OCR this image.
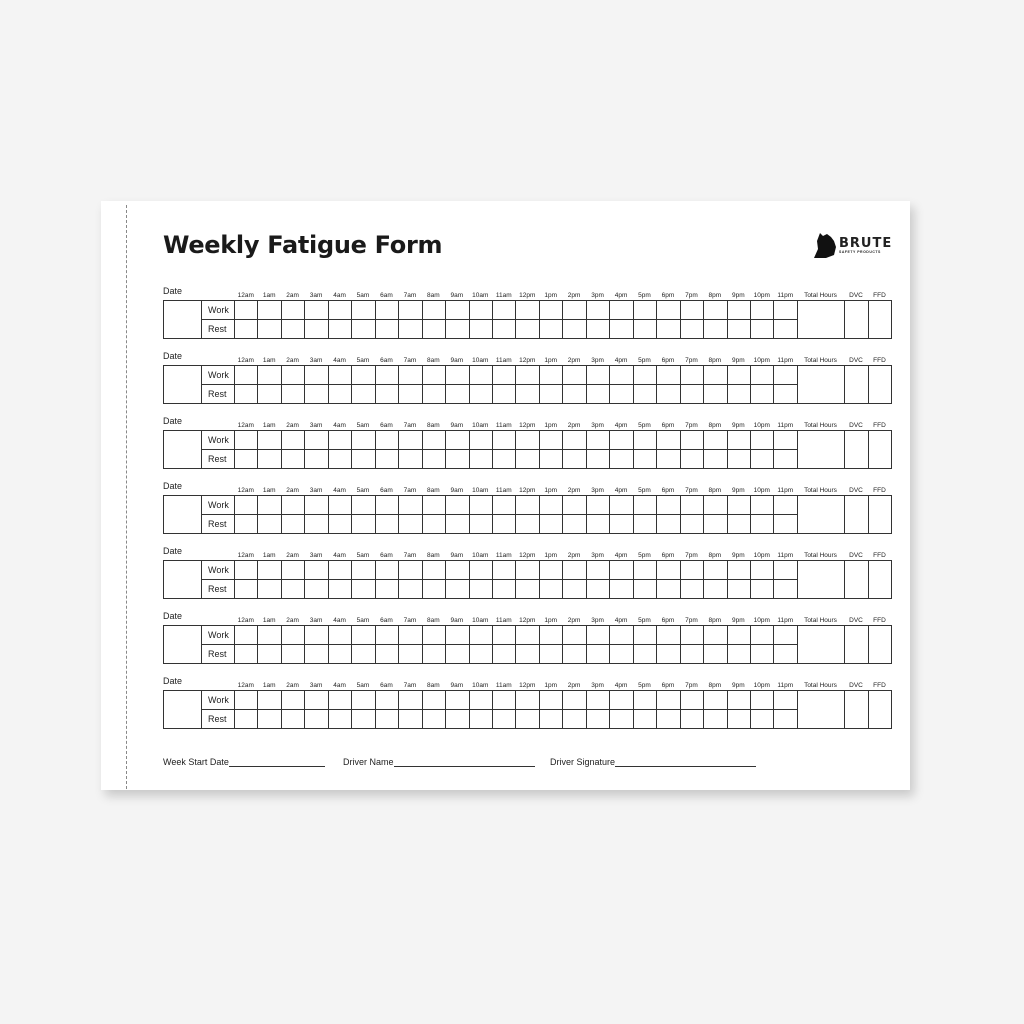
Weekly Fatigue Form	BRUTE
SAFETY PRODUCTS
Date	12am	1am	2am	3am	4am	5am	6am	7am	8am	9am	10am	11am	12pm	1pm	2pm	3pm	4pm	5pm	6pm	7pm	8pm	9pm	10pm	11pm	Total Hours	DVC	FFD
	Work																											
	Rest																											
Date	12am	1am	2am	3am	4am	5am	6am	7am	8am	9am	10am	11am	12pm	1pm	2pm	3pm	4pm	5pm	6pm	7pm	8pm	9pm	10pm	11pm	Total Hours	DVC	FFD
	Work																											
	Rest																											
Date	12am	1am	2am	3am	4am	5am	6am	7am	8am	9am	10am	11am	12pm	1pm	2pm	3pm	4pm	5pm	6pm	7pm	8pm	9pm	10pm	11pm	Total Hours	DVC	FFD
	Work																											
	Rest																											
Date	12am	1am	2am	3am	4am	5am	6am	7am	8am	9am	10am	11am	12pm	1pm	2pm	3pm	4pm	5pm	6pm	7pm	8pm	9pm	10pm	11pm	Total Hours	DVC	FFD
	Work																											
	Rest																											
Date	12am	1am	2am	3am	4am	5am	6am	7am	8am	9am	10am	11am	12pm	1pm	2pm	3pm	4pm	5pm	6pm	7pm	8pm	9pm	10pm	11pm	Total Hours	DVC	FFD
	Work																											
	Rest																											
Date	12am	1am	2am	3am	4am	5am	6am	7am	8am	9am	10am	11am	12pm	1pm	2pm	3pm	4pm	5pm	6pm	7pm	8pm	9pm	10pm	11pm	Total Hours	DVC	FFD
	Work																											
	Rest																											
Date	12am	1am	2am	3am	4am	5am	6am	7am	8am	9am	10am	11am	12pm	1pm	2pm	3pm	4pm	5pm	6pm	7pm	8pm	9pm	10pm	11pm	Total Hours	DVC	FFD
	Work																											
	Rest																											
Week Start Date	Driver Name	Driver Signature
